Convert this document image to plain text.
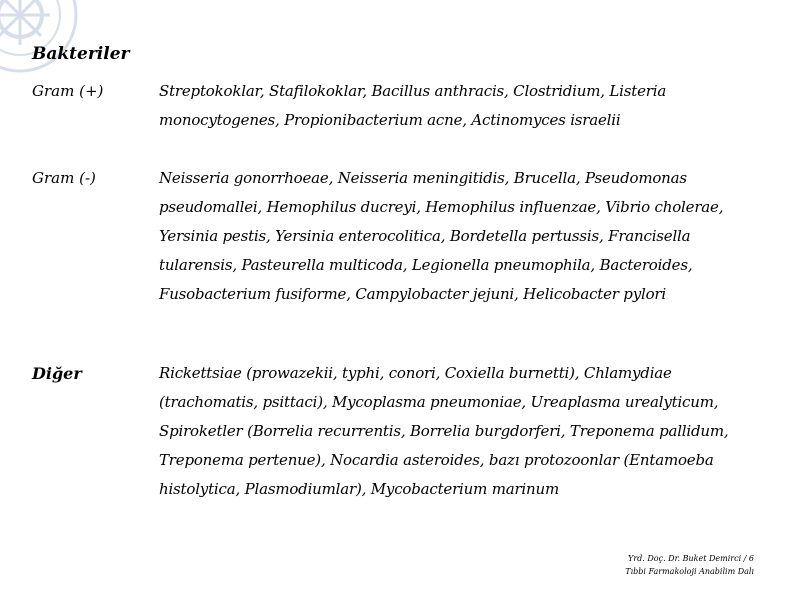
Bakteriler
Gram (+)	Streptokoklar, Stafilokoklar, Bacillus anthracis, Clostridium, Listeria monocytogenes, Propionibacterium acne, Actinomyces israelii
Gram (-)	Neisseria gonorrhoeae, Neisseria meningitidis, Brucella, Pseudomonas pseudomallei, Hemophilus ducreyi, Hemophilus influenzae, Vibrio cholerae, Yersinia pestis, Yersinia enterocolitica, Bordetella pertussis, Francisella tularensis, Pasteurella multicoda, Legionella pneumophila, Bacteroides, Fusobacterium fusiforme, Campylobacter jejuni, Helicobacter pylori
Diğer	Rickettsiae (prowazekii, typhi, conori, Coxiella burnetti), Chlamydiae (trachomatis, psittaci), Mycoplasma pneumoniae, Ureaplasma urealyticum, Spiroketler (Borrelia recurrentis, Borrelia burgdorferi, Treponema pallidum, Treponema pertenue), Nocardia asteroides, bazı protozoonlar (Entamoeba histolytica, Plasmodiumlar), Mycobacterium marinum
Yrd. Doç. Dr. Buket Demirci / 6
Tıbbi Farmakoloji Anabilim Dalı
